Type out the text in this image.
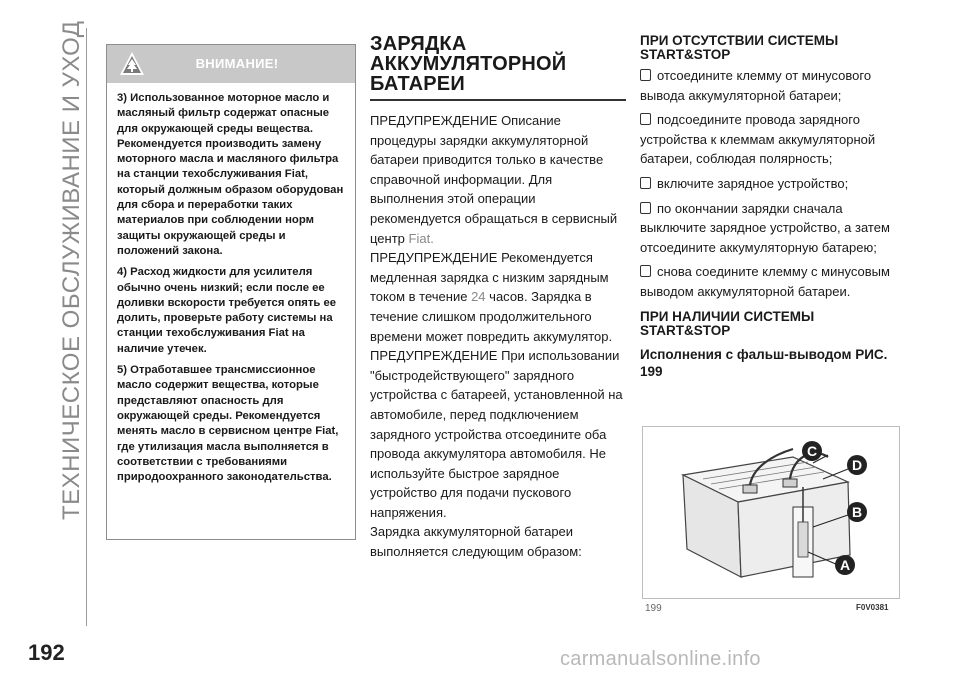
ТЕХНИЧЕСКОЕ ОБСЛУЖИВАНИЕ И УХОД
192
ВНИМАНИЕ!

3) Использованное моторное масло и масляный фильтр содержат опасные для окружающей среды вещества. Рекомендуется производить замену моторного масла и масляного фильтра на станции техобслуживания Fiat, который должным образом оборудован для сбора и переработки таких материалов при соблюдении норм защиты окружающей среды и положений закона.

4) Расход жидкости для усилителя обычно очень низкий; если после ее доливки вскорости требуется опять ее долить, проверьте работу системы на станции техобслуживания Fiat на наличие утечек.

5) Отработавшее трансмиссионное масло содержит вещества, которые представляют опасность для окружающей среды. Рекомендуется менять масло в сервисном центре Fiat, где утилизация масла выполняется в соответствии с требованиями природоохранного законодательства.

ЗАРЯДКА АККУМУЛЯТОРНОЙ БАТАРЕИ

ПРЕДУПРЕЖДЕНИЕ Описание процедуры зарядки аккумуляторной батареи приводится только в качестве справочной информации. Для выполнения этой операции рекомендуется обращаться в сервисный центр Fiat.

ПРЕДУПРЕЖДЕНИЕ Рекомендуется медленная зарядка с низким зарядным током в течение 24 часов. Зарядка в течение слишком продолжительного времени может повредить аккумулятор.

ПРЕДУПРЕЖДЕНИЕ При использовании "быстродействующего" зарядного устройства с батареей, установленной на автомобиле, перед подключением зарядного устройства отсоедините оба провода аккумулятора автомобиля. Не используйте быстрое зарядное устройство для подачи пускового напряжения.

Зарядка аккумуляторной батареи выполняется следующим образом:

ПРИ ОТСУТСТВИИ СИСТЕМЫ START&STOP

отсоедините клемму от минусового вывода аккумуляторной батареи;

подсоедините провода зарядного устройства к клеммам аккумуляторной батареи, соблюдая полярность;

включите зарядное устройство;

по окончании зарядки сначала выключите зарядное устройство, а затем отсоедините аккумуляторную батарею;

снова соедините клемму с минусовым выводом аккумуляторной батареи.

ПРИ НАЛИЧИИ СИСТЕМЫ START&STOP
Исполнения с фальш-выводом РИС. 199
C
D
B
A
199	F0V0381
carmanualsonline.info
